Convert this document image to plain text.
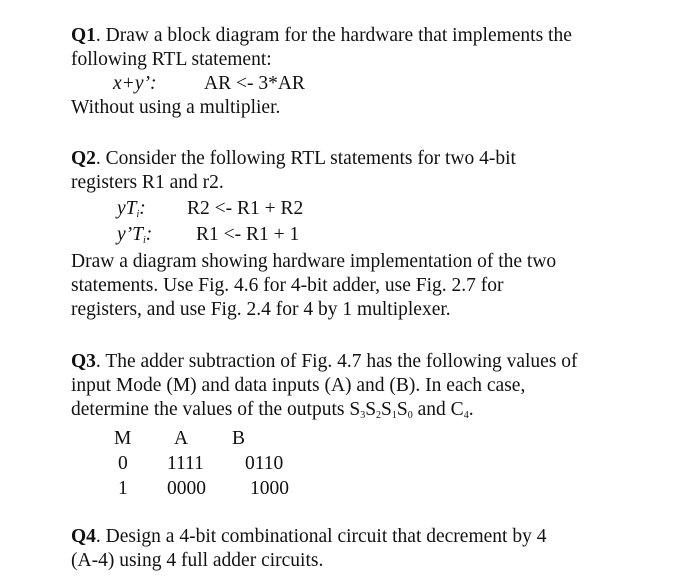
Q1. Draw a block diagram for the hardware that implements the
following RTL statement:
x+y’: AR <- 3*AR
Without using a multiplier.
Q2. Consider the following RTL statements for two 4-bit
registers R1 and r2.
$yT_i$: R2 <- R1 + R2
$y’T_i$: R1 <- R1 + 1
Draw a diagram showing hardware implementation of the two
statements. Use Fig. 4.6 for 4-bit adder, use Fig. 2.7 for
registers, and use Fig. 2.4 for 4 by 1 multiplexer.
Q3. The adder subtraction of Fig. 4.7 has the following values of
input Mode (M) and data inputs (A) and (B). In each case,
determine the values of the outputs $S_3S_2S_1S_0$ and $C_4$.
M A B
0 1111 0110
1 0000 1000
Q4. Design a 4-bit combinational circuit that decrement by 4
(A-4) using 4 full adder circuits.
